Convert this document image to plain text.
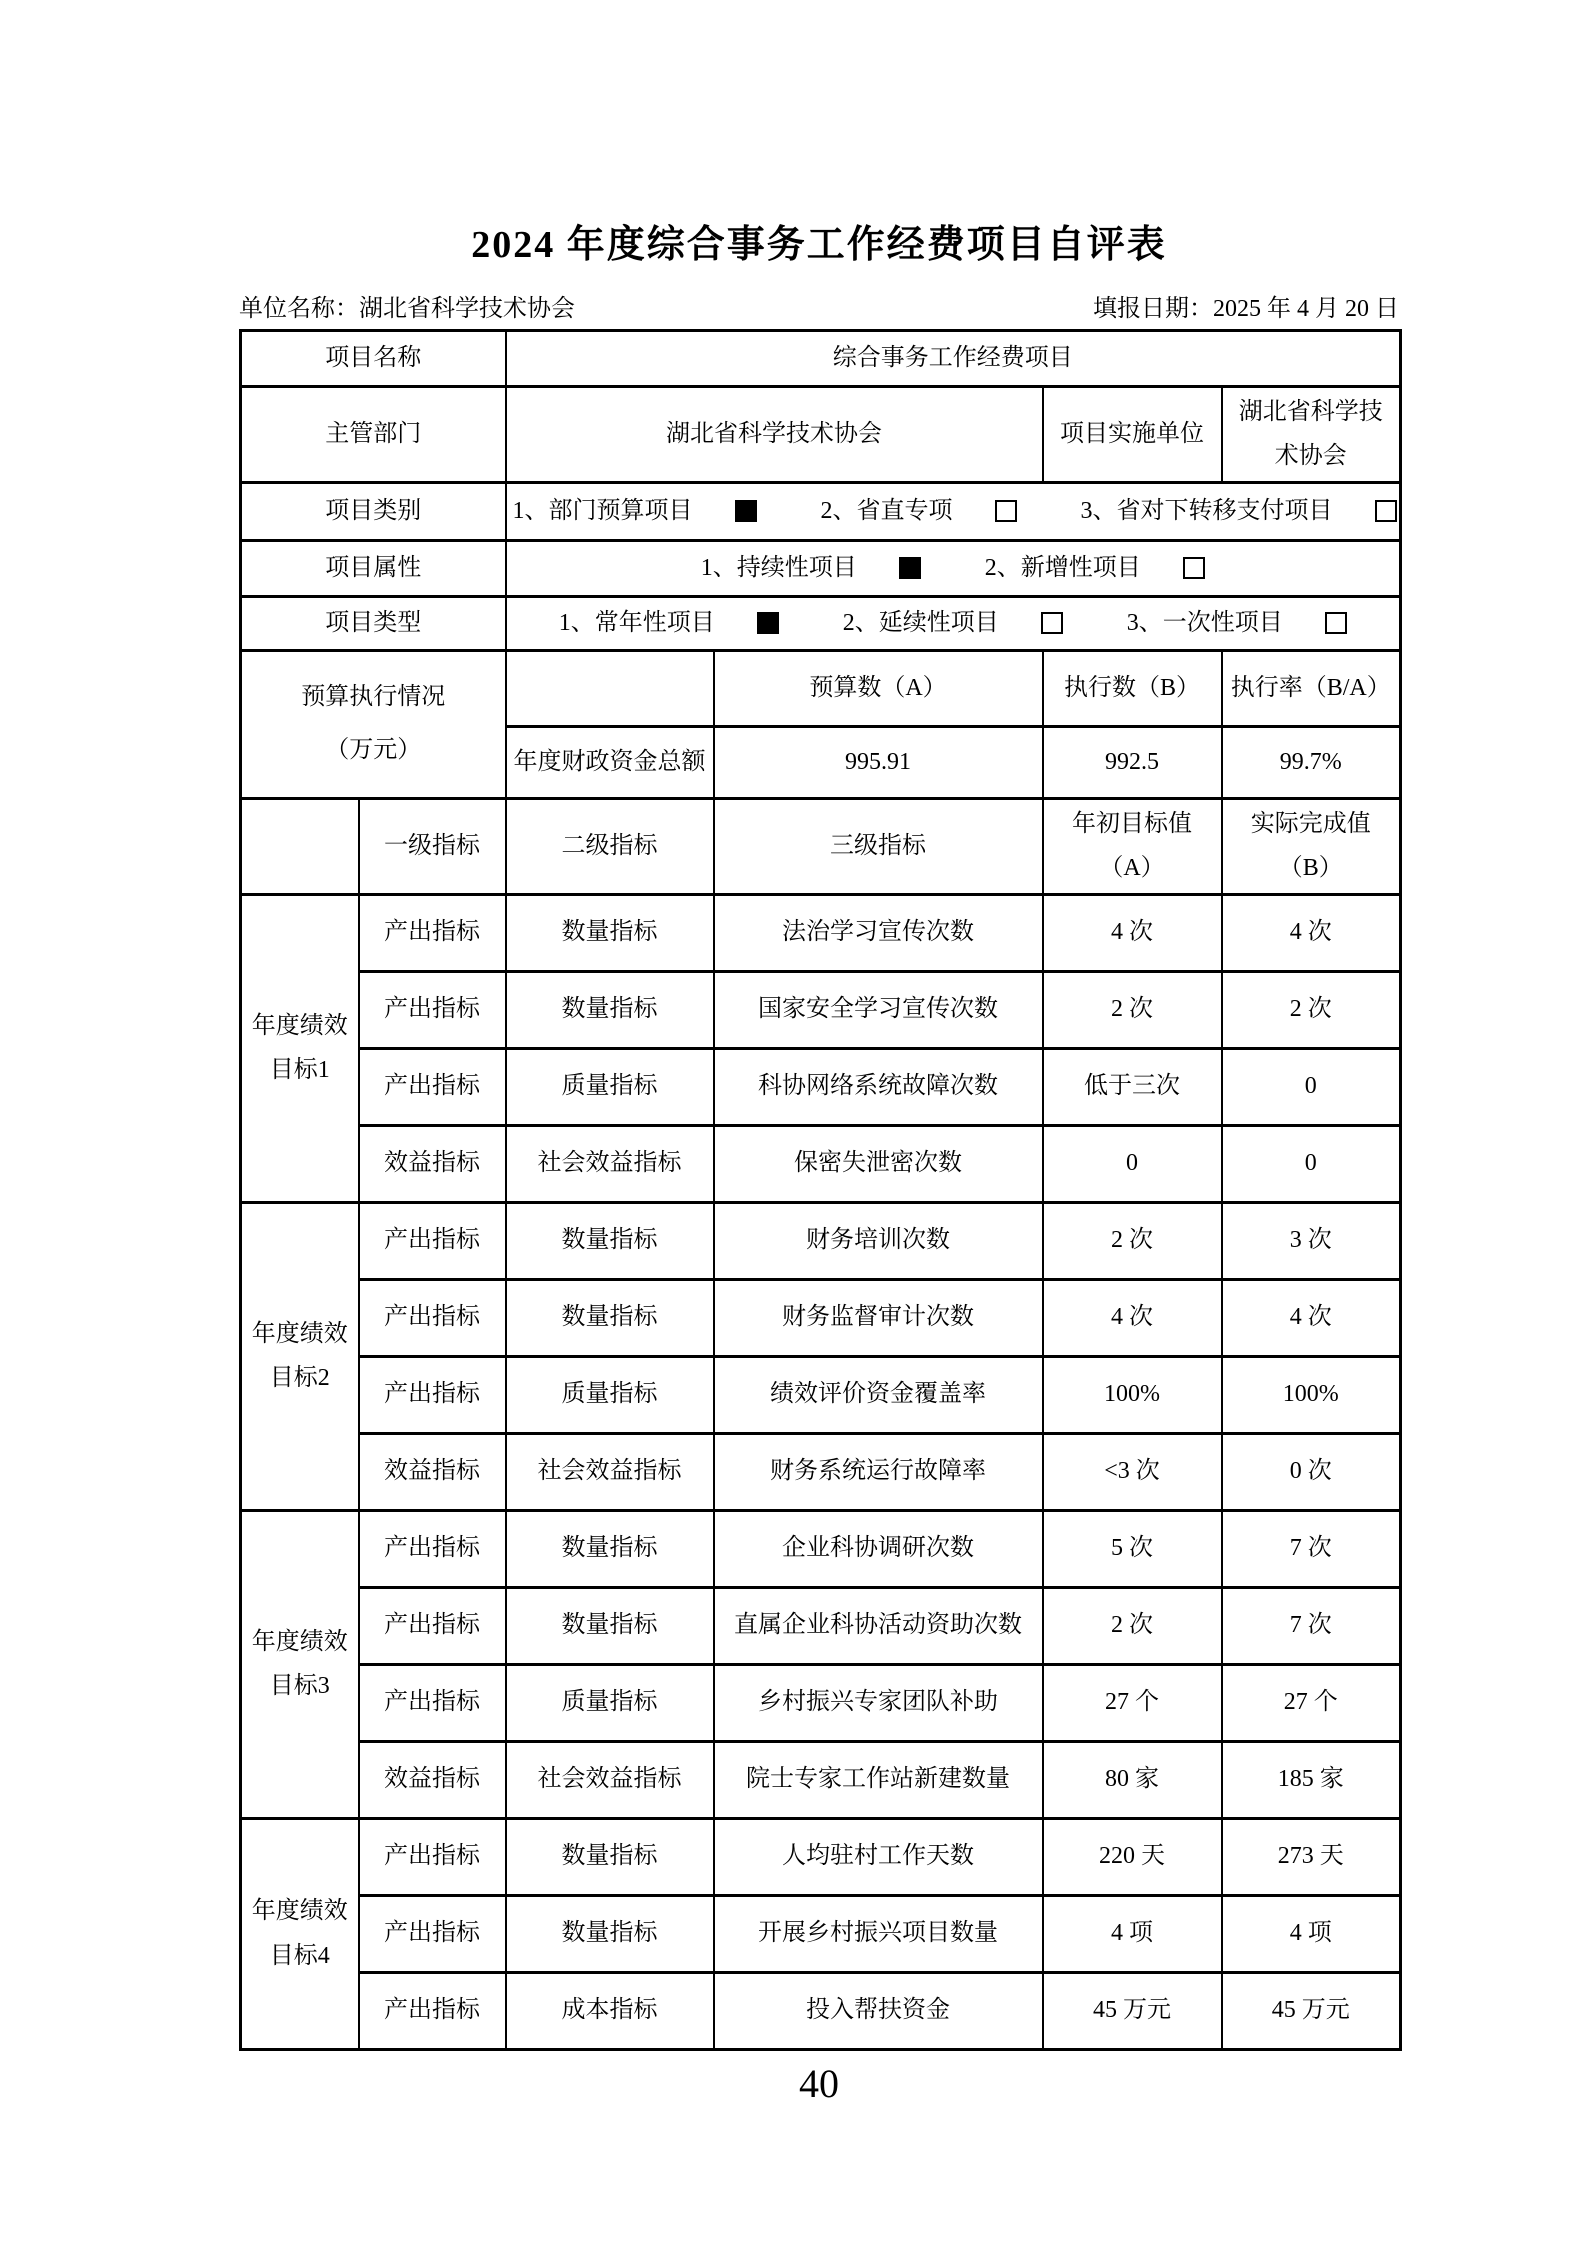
2024 年度综合事务工作经费项目自评表
单位名称：湖北省科学技术协会	填报日期：2025 年 4 月 20 日
项目名称		综合事务工作经费项目			
主管部门		湖北省科学技术协会		项目实施单位	湖北省科学技术协会
项目类别		1、部门预算项目 2、省直专项 3、省对下转移支付项目			

项目属性		1、持续性项目 2、新增性项目			

项目类型		1、常年性项目 2、延续性项目 3、一次性项目			

预算执行情况
（万元）			预算数（A）	执行数（B）	执行率（B/A）
		年度财政资金总额	995.91	992.5	99.7%
	一级指标	二级指标	三级指标	年初目标值（A）	实际完成值（B）
年度绩效目标1	产出指标	数量指标	法治学习宣传次数	4 次	4 次
	产出指标	数量指标	国家安全学习宣传次数	2 次	2 次
	产出指标	质量指标	科协网络系统故障次数	低于三次	0
	效益指标	社会效益指标	保密失泄密次数	0	0
年度绩效目标2	产出指标	数量指标	财务培训次数	2 次	3 次
	产出指标	数量指标	财务监督审计次数	4 次	4 次
	产出指标	质量指标	绩效评价资金覆盖率	100%	100%
	效益指标	社会效益指标	财务系统运行故障率	<3 次	0 次
年度绩效目标3	产出指标	数量指标	企业科协调研次数	5 次	7 次
	产出指标	数量指标	直属企业科协活动资助次数	2 次	7 次
	产出指标	质量指标	乡村振兴专家团队补助	27 个	27 个
	效益指标	社会效益指标	院士专家工作站新建数量	80 家	185 家
年度绩效目标4	产出指标	数量指标	人均驻村工作天数	220 天	273 天
	产出指标	数量指标	开展乡村振兴项目数量	4 项	4 项
	产出指标	成本指标	投入帮扶资金	45 万元	45 万元
40
